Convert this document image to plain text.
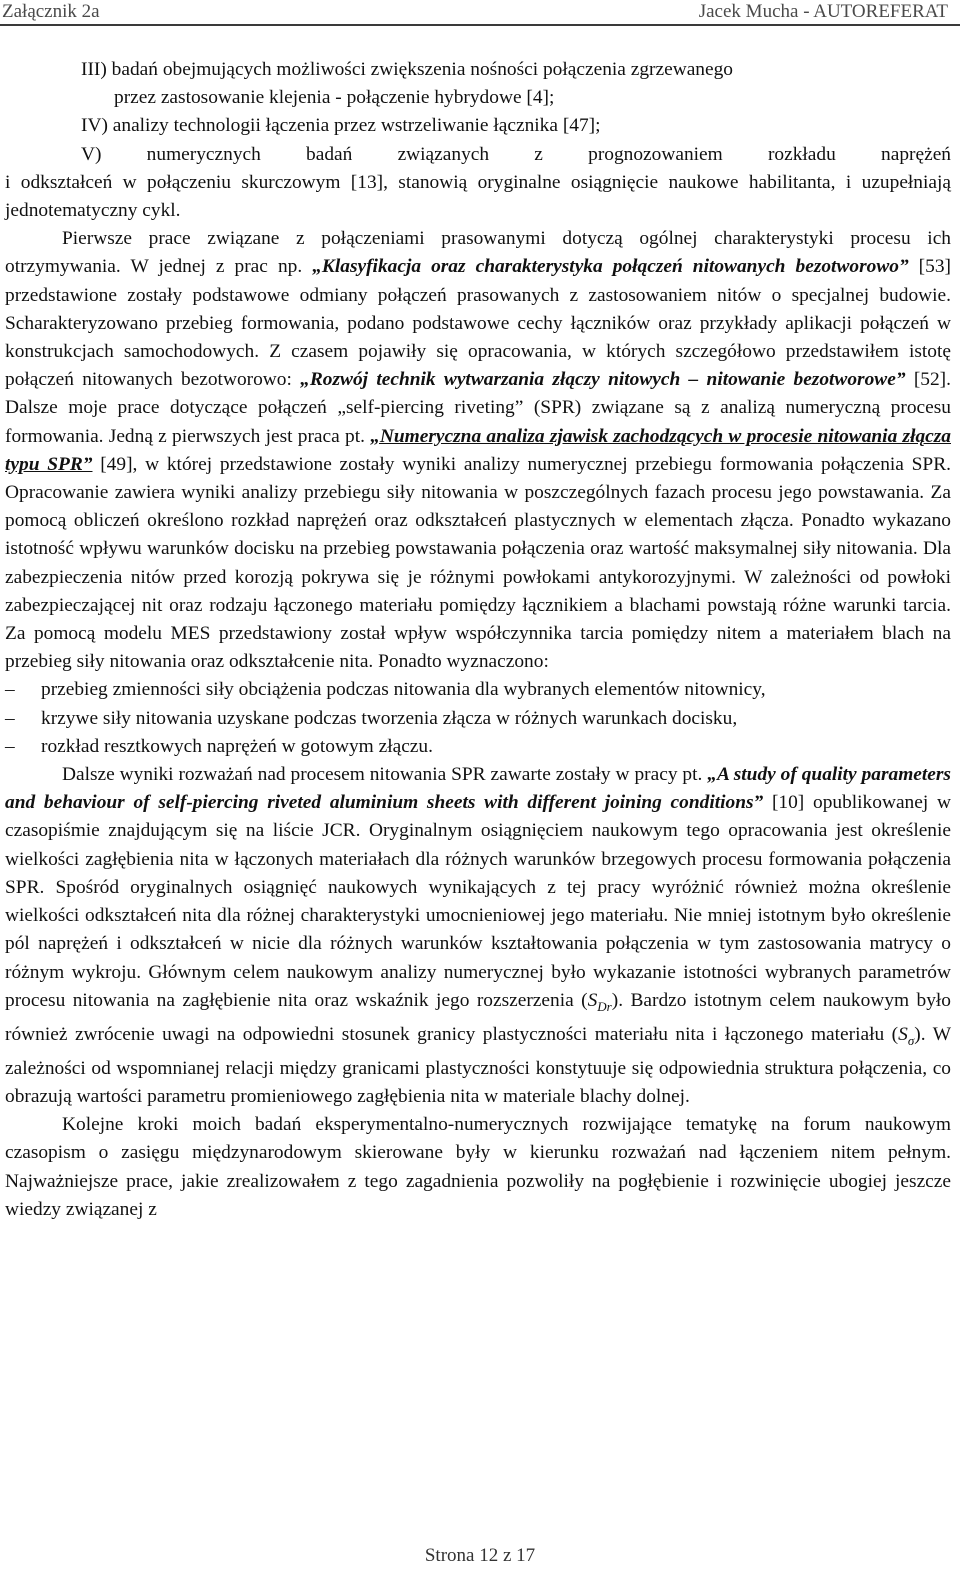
Załącznik 2a	Jacek Mucha - AUTOREFERAT

III) badań obejmujących możliwości zwiększenia nośności połączenia zgrzewanego

przez zastosowanie klejenia - połączenie hybrydowe [4];

IV) analizy technologii łączenia przez wstrzeliwanie łącznika [47];

V) numerycznych badań związanych z prognozowaniem rozkładu naprężeń

i odkształceń w połączeniu skurczowym [13], stanowią oryginalne osiągnięcie naukowe habilitanta, i uzupełniają jednotematyczny cykl.

Pierwsze prace związane z połączeniami prasowanymi dotyczą ogólnej charakterystyki procesu ich otrzymywania. W jednej z prac np. „Klasyfikacja oraz charakterystyka połączeń nitowanych bezotworowo” [53] przedstawione zostały podstawowe odmiany połączeń prasowanych z zastosowaniem nitów o specjalnej budowie. Scharakteryzowano przebieg formowania, podano podstawowe cechy łączników oraz przykłady aplikacji połączeń w konstrukcjach samochodowych. Z czasem pojawiły się opracowania, w których szczegółowo przedstawiłem istotę połączeń nitowanych bezotworowo: „Rozwój technik wytwarzania złączy nitowych – nitowanie bezotworowe” [52]. Dalsze moje prace dotyczące połączeń „self-piercing riveting” (SPR) związane są z analizą numeryczną procesu formowania. Jedną z pierwszych jest praca pt. „Numeryczna analiza zjawisk zachodzących w procesie nitowania złącza typu SPR” [49], w której przedstawione zostały wyniki analizy numerycznej przebiegu formowania połączenia SPR. Opracowanie zawiera wyniki analizy przebiegu siły nitowania w poszczególnych fazach procesu jego powstawania. Za pomocą obliczeń określono rozkład naprężeń oraz odkształceń plastycznych w elementach złącza. Ponadto wykazano istotność wpływu warunków docisku na przebieg powstawania połączenia oraz wartość maksymalnej siły nitowania. Dla zabezpieczenia nitów przed korozją pokrywa się je różnymi powłokami antykorozyjnymi. W zależności od powłoki zabezpieczającej nit oraz rodzaju łączonego materiału pomiędzy łącznikiem a blachami powstają różne warunki tarcia. Za pomocą modelu MES przedstawiony został wpływ współczynnika tarcia pomiędzy nitem a materiałem blach na przebieg siły nitowania oraz odkształcenie nita. Ponadto wyznaczono:

– przebieg zmienności siły obciążenia podczas nitowania dla wybranych elementów nitownicy,

– krzywe siły nitowania uzyskane podczas tworzenia złącza w różnych warunkach docisku,

– rozkład resztkowych naprężeń w gotowym złączu.

Dalsze wyniki rozważań nad procesem nitowania SPR zawarte zostały w pracy pt. „A study of quality parameters and behaviour of self-piercing riveted aluminium sheets with different joining conditions” [10] opublikowanej w czasopiśmie znajdującym się na liście JCR. Oryginalnym osiągnięciem naukowym tego opracowania jest określenie wielkości zagłębienia nita w łączonych materiałach dla różnych warunków brzegowych procesu formowania połączenia SPR. Spośród oryginalnych osiągnięć naukowych wynikających z tej pracy wyróżnić również można określenie wielkości odkształceń nita dla różnej charakterystyki umocnieniowej jego materiału. Nie mniej istotnym było określenie pól naprężeń i odkształceń w nicie dla różnych warunków kształtowania połączenia w tym zastosowania matrycy o różnym wykroju. Głównym celem naukowym analizy numerycznej było wykazanie istotności wybranych parametrów procesu nitowania na zagłębienie nita oraz wskaźnik jego rozszerzenia $(S_{Dr})$. Bardzo istotnym celem naukowym było również zwrócenie uwagi na odpowiedni stosunek granicy plastyczności materiału nita i łączonego materiału $(S_\sigma)$. W zależności od wspomnianej relacji między granicami plastyczności konstytuuje się odpowiednia struktura połączenia, co obrazują wartości parametru promieniowego zagłębienia nita w materiale blachy dolnej.

Kolejne kroki moich badań eksperymentalno-numerycznych rozwijające tematykę na forum naukowym czasopism o zasięgu międzynarodowym skierowane były w kierunku rozważań nad łączeniem nitem pełnym. Najważniejsze prace, jakie zrealizowałem z tego zagadnienia pozwoliły na pogłębienie i rozwinięcie ubogiej jeszcze wiedzy związanej z

Strona 12 z 17
